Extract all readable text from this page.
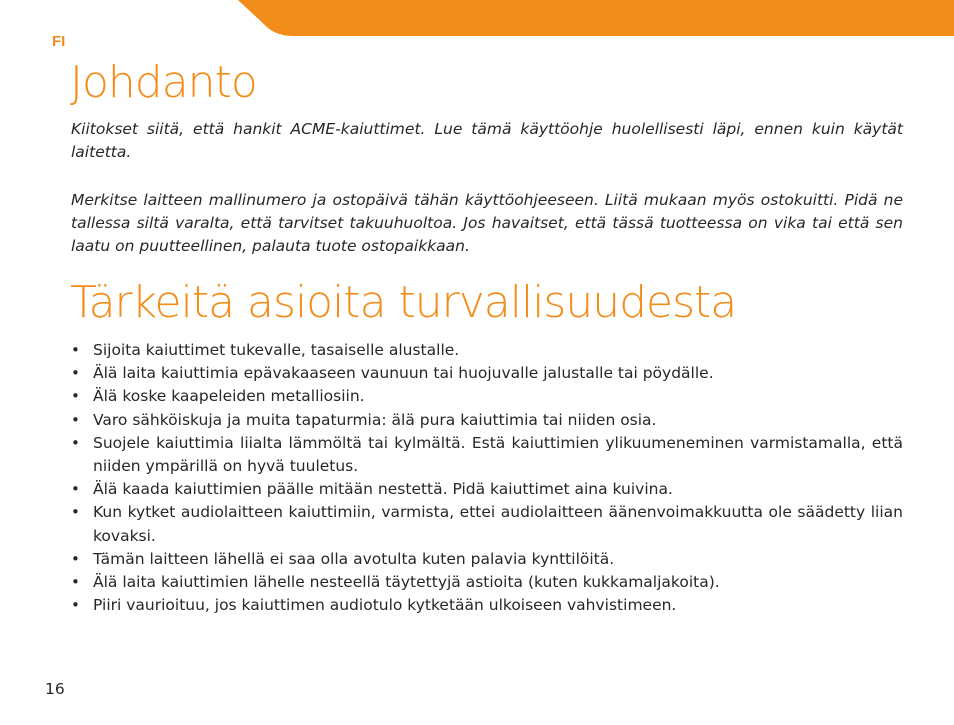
FI
Johdanto

Kiitokset siitä, että hankit ACME-kaiuttimet. Lue tämä käyttöohje huolellisesti läpi, ennen kuin käytät laitetta.

Merkitse laitteen mallinumero ja ostopäivä tähän käyttöohjeeseen. Liitä mukaan myös ostokuitti. Pidä ne tallessa siltä varalta, että tarvitset takuuhuoltoa. Jos havaitset, että tässä tuotteessa on vika tai että sen laatu on puutteellinen, palauta tuote ostopaikkaan.

Tärkeitä asioita turvallisuudesta
• Sijoita kaiuttimet tukevalle, tasaiselle alustalle.
• Älä laita kaiuttimia epävakaaseen vaunuun tai huojuvalle jalustalle tai pöydälle.
• Älä koske kaapeleiden metalliosiin.
• Varo sähköiskuja ja muita tapaturmia: älä pura kaiuttimia tai niiden osia.
• Suojele kaiuttimia liialta lämmöltä tai kylmältä. Estä kaiuttimien ylikuumeneminen varmistamalla, että niiden ympärillä on hyvä tuuletus.
• Älä kaada kaiuttimien päälle mitään nestettä. Pidä kaiuttimet aina kuivina.
• Kun kytket audiolaitteen kaiuttimiin, varmista, ettei audiolaitteen äänenvoimakkuutta ole säädetty liian kovaksi.
• Tämän laitteen lähellä ei saa olla avotulta kuten palavia kynttilöitä.
• Älä laita kaiuttimien lähelle nesteellä täytettyjä astioita (kuten kukkamaljakoita).
• Piiri vaurioituu, jos kaiuttimen audiotulo kytketään ulkoiseen vahvistimeen.
16
